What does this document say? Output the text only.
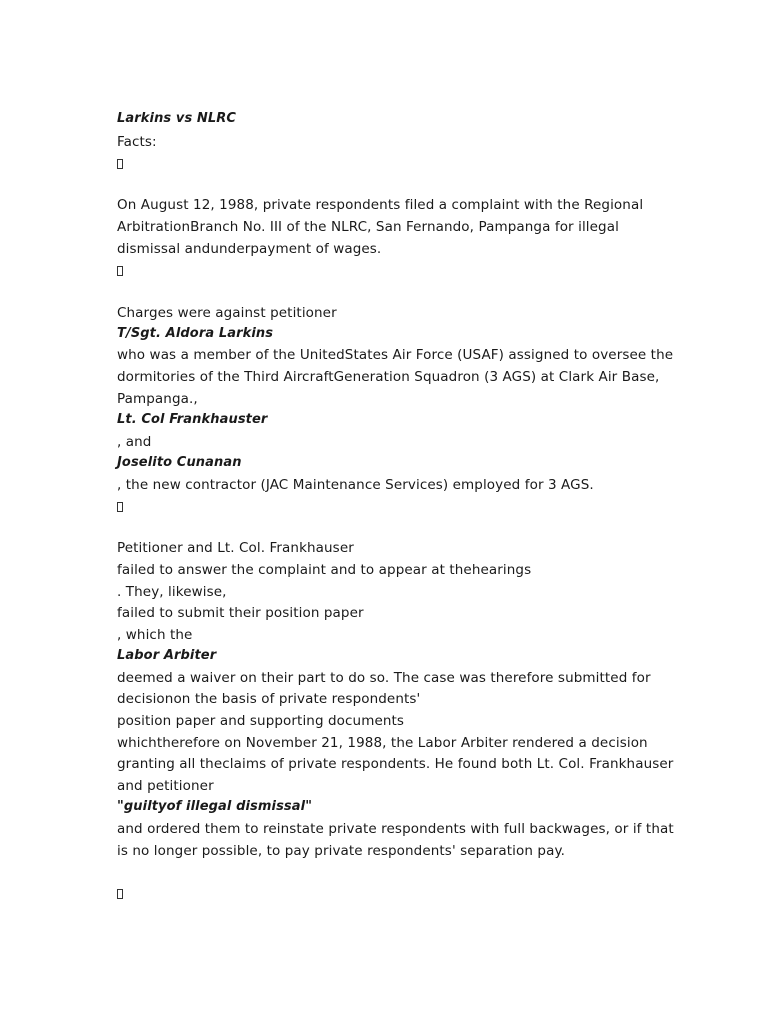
Larkins vs NLRC
Facts:
On August 12, 1988, private respondents filed a complaint with the Regional
ArbitrationBranch No. III of the NLRC, San Fernando, Pampanga for illegal
dismissal andunderpayment of wages.
Charges were against petitioner
T/Sgt. Aldora Larkins
who was a member of the UnitedStates Air Force (USAF) assigned to oversee the
dormitories of the Third AircraftGeneration Squadron (3 AGS) at Clark Air Base,
Pampanga.,
Lt. Col Frankhauster
, and
Joselito Cunanan
, the new contractor (JAC Maintenance Services) employed for 3 AGS.
Petitioner and Lt. Col. Frankhauser
failed to answer the complaint and to appear at thehearings
. They, likewise,
failed to submit their position paper
, which the
Labor Arbiter
deemed a waiver on their part to do so. The case was therefore submitted for
decisionon the basis of private respondents'
position paper and supporting documents
whichtherefore on November 21, 1988, the Labor Arbiter rendered a decision
granting all theclaims of private respondents. He found both Lt. Col. Frankhauser
and petitioner
"guiltyof illegal dismissal"
and ordered them to reinstate private respondents with full backwages, or if that
is no longer possible, to pay private respondents' separation pay.
